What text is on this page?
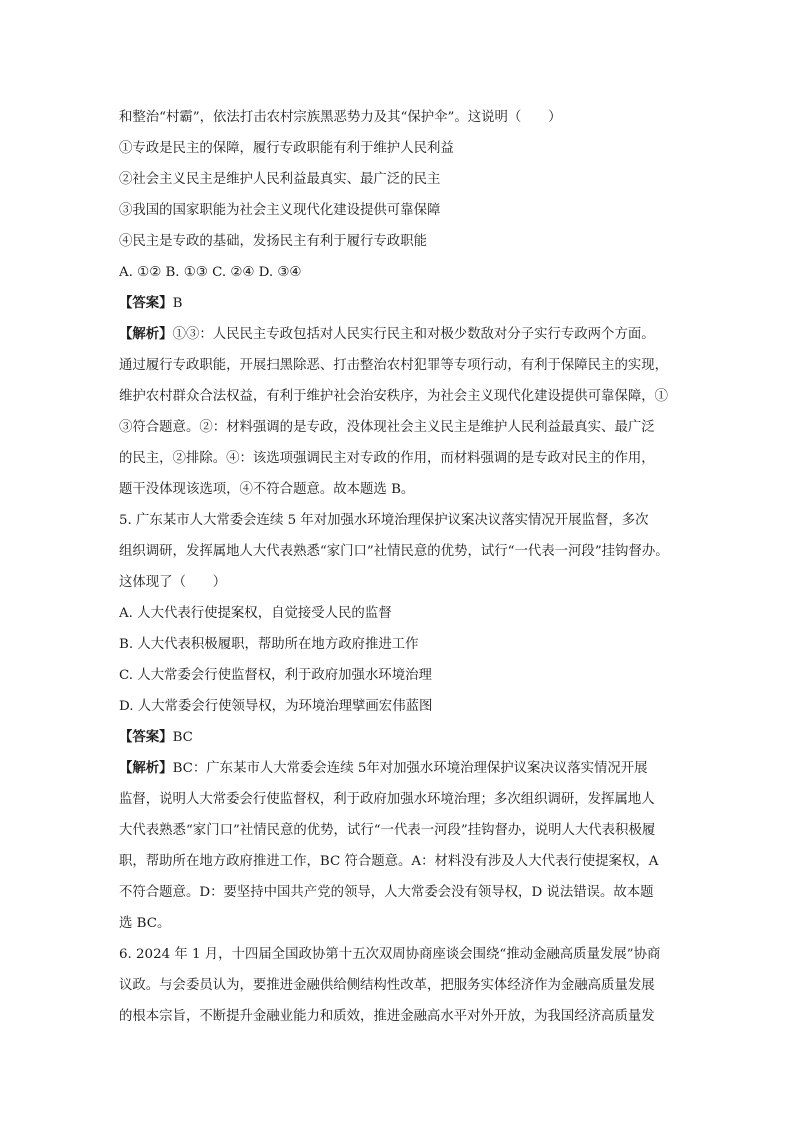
和整治“村霸”，依法打击农村宗族黑恶势力及其“保护伞”。这说明（　　）
①专政是民主的保障，履行专政职能有利于维护人民利益
②社会主义民主是维护人民利益最真实、最广泛的民主
③我国的国家职能为社会主义现代化建设提供可靠保障
④民主是专政的基础，发扬民主有利于履行专政职能
A. ①② B. ①③ C. ②④ D. ③④
【答案】B
【解析】①③：人民民主专政包括对人民实行民主和对极少数敌对分子实行专政两个方面。
通过履行专政职能，开展扫黑除恶、打击整治农村犯罪等专项行动，有利于保障民主的实现，
维护农村群众合法权益，有利于维护社会治安秩序，为社会主义现代化建设提供可靠保障，①
③符合题意。②：材料强调的是专政，没体现社会主义民主是维护人民利益最真实、最广泛
的民主，②排除。④：该选项强调民主对专政的作用，而材料强调的是专政对民主的作用，
题干没体现该选项，④不符合题意。故本题选 B。
5. 广东某市人大常委会连续 5 年对加强水环境治理保护议案决议落实情况开展监督，多次
组织调研，发挥属地人大代表熟悉“家门口”社情民意的优势，试行“一代表一河段”挂钩督办。
这体现了（　　）
A. 人大代表行使提案权，自觉接受人民的监督
B. 人大代表积极履职，帮助所在地方政府推进工作
C. 人大常委会行使监督权，利于政府加强水环境治理
D. 人大常委会行使领导权，为环境治理擘画宏伟蓝图
【答案】BC
【解析】BC：广东某市人大常委会连续 5年对加强水环境治理保护议案决议落实情况开展
监督，说明人大常委会行使监督权，利于政府加强水环境治理；多次组织调研，发挥属地人
大代表熟悉“家门口”社情民意的优势，试行“一代表一河段”挂钩督办，说明人大代表积极履
职，帮助所在地方政府推进工作，BC 符合题意。A：材料没有涉及人大代表行使提案权，A
不符合题意。D：要坚持中国共产党的领导，人大常委会没有领导权，D 说法错误。故本题
选 BC。
6. 2024 年 1 月，十四届全国政协第十五次双周协商座谈会围绕“推动金融高质量发展”协商
议政。与会委员认为，要推进金融供给侧结构性改革，把服务实体经济作为金融高质量发展
的根本宗旨，不断提升金融业能力和质效，推进金融高水平对外开放，为我国经济高质量发
